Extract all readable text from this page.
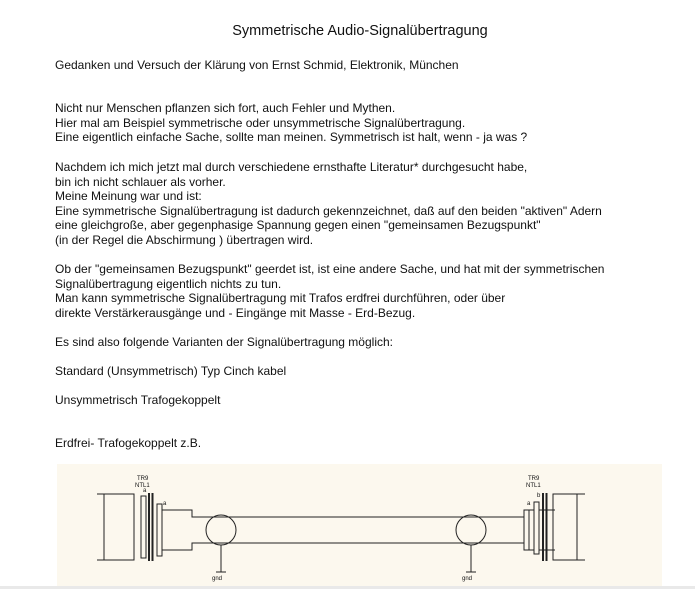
Symmetrische Audio-Signalübertragung
Gedanken und Versuch der Klärung von Ernst Schmid, Elektronik, München
Nicht nur Menschen pflanzen sich fort, auch Fehler und Mythen.
Hier mal am Beispiel symmetrische oder unsymmetrische Signalübertragung.
Eine eigentlich einfache Sache, sollte man meinen. Symmetrisch ist halt, wenn - ja was ?
Nachdem ich mich jetzt mal durch verschiedene ernsthafte Literatur* durchgesucht habe,
bin ich nicht schlauer als vorher.
Meine Meinung war und ist:
Eine symmetrische Signalübertragung ist dadurch gekennzeichnet, daß auf den beiden "aktiven" Adern
eine gleichgroße, aber gegenphasige Spannung gegen einen "gemeinsamen Bezugspunkt"
(in der Regel die Abschirmung ) übertragen wird.
Ob der "gemeinsamen Bezugspunkt" geerdet ist, ist eine andere Sache, und hat mit der symmetrischen
Signalübertragung eigentlich nichts zu tun.
Man kann symmetrische Signalübertragung mit Trafos erdfrei durchführen, oder über
direkte Verstärkerausgänge und - Eingänge mit Masse - Erd-Bezug.
Es sind also folgende Varianten der Signalübertragung möglich:
Standard (Unsymmetrisch) Typ Cinch kabel
Unsymmetrisch Trafogekoppelt
Erdfrei- Trafogekoppelt z.B.
TR9
NTL1
a
a
TR9
NTL1
a
b
gnd	gnd
